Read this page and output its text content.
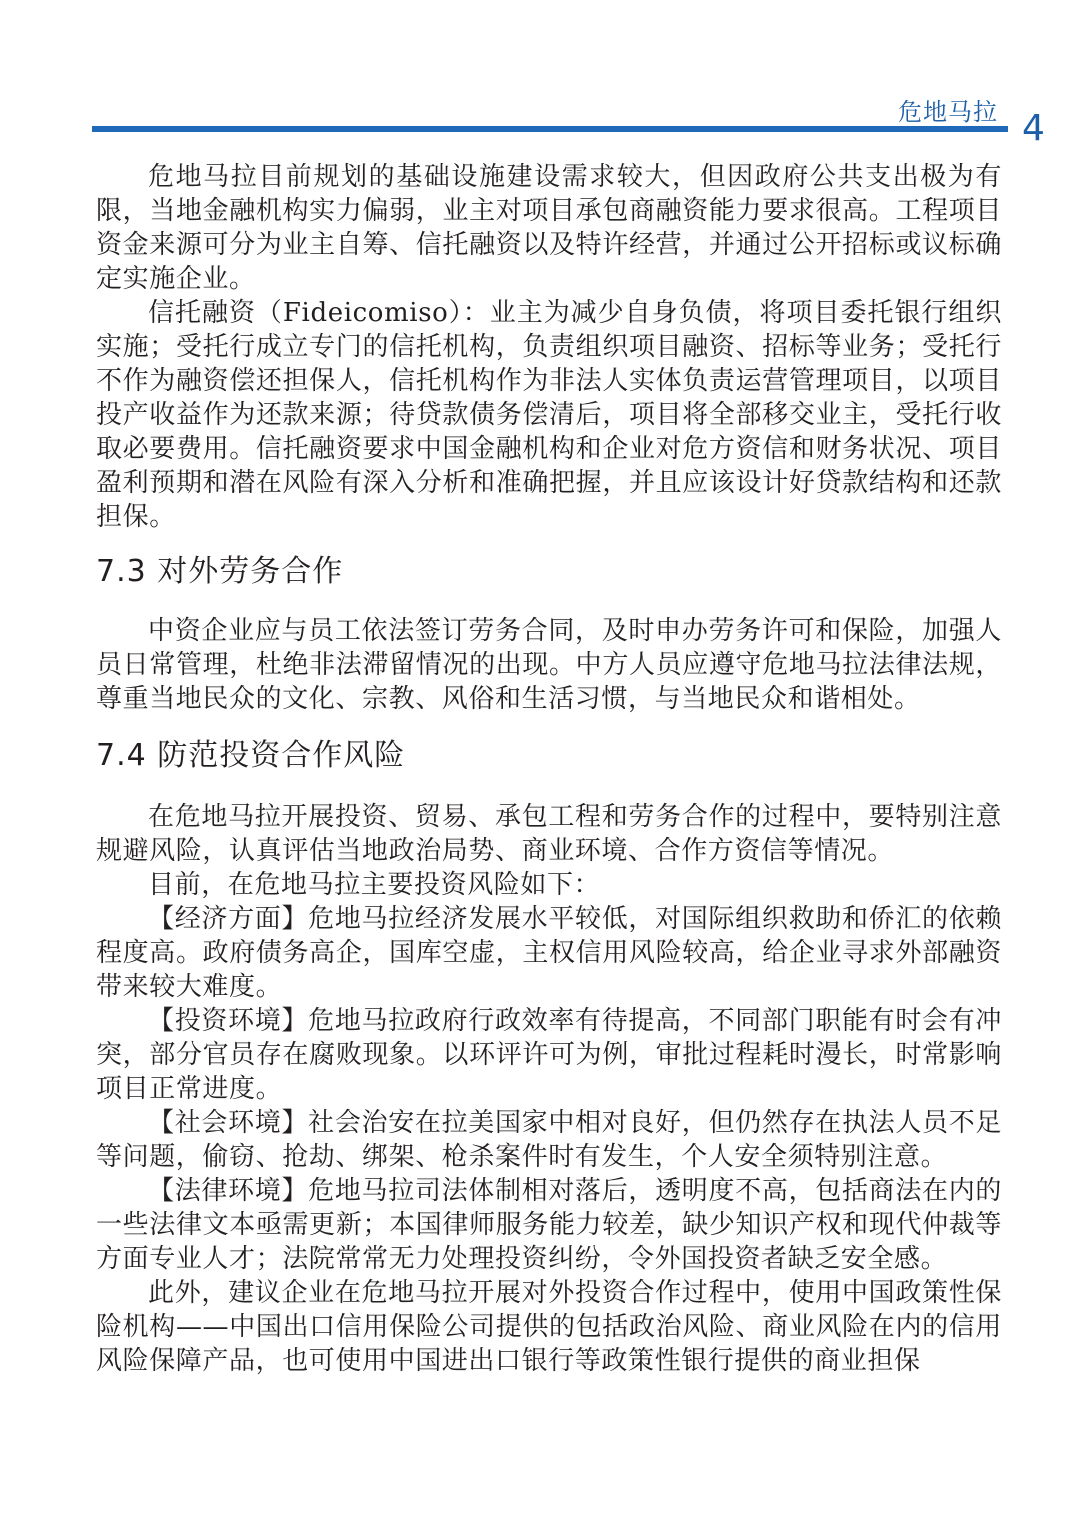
危地马拉 4

危地马拉目前规划的基础设施建设需求较大，但因政府公共支出极为有限，当地金融机构实力偏弱，业主对项目承包商融资能力要求很高。工程项目资金来源可分为业主自筹、信托融资以及特许经营，并通过公开招标或议标确定实施企业。

信托融资（Fideicomiso）：业主为减少自身负债，将项目委托银行组织实施；受托行成立专门的信托机构，负责组织项目融资、招标等业务；受托行不作为融资偿还担保人，信托机构作为非法人实体负责运营管理项目，以项目投产收益作为还款来源；待贷款债务偿清后，项目将全部移交业主，受托行收取必要费用。信托融资要求中国金融机构和企业对危方资信和财务状况、项目盈利预期和潜在风险有深入分析和准确把握，并且应该设计好贷款结构和还款担保。

7.3 对外劳务合作

中资企业应与员工依法签订劳务合同，及时申办劳务许可和保险，加强人员日常管理，杜绝非法滞留情况的出现。中方人员应遵守危地马拉法律法规，尊重当地民众的文化、宗教、风俗和生活习惯，与当地民众和谐相处。

7.4 防范投资合作风险

在危地马拉开展投资、贸易、承包工程和劳务合作的过程中，要特别注意规避风险，认真评估当地政治局势、商业环境、合作方资信等情况。

目前，在危地马拉主要投资风险如下：

【经济方面】危地马拉经济发展水平较低，对国际组织救助和侨汇的依赖程度高。政府债务高企，国库空虚，主权信用风险较高，给企业寻求外部融资带来较大难度。

【投资环境】危地马拉政府行政效率有待提高，不同部门职能有时会有冲突，部分官员存在腐败现象。以环评许可为例，审批过程耗时漫长，时常影响项目正常进度。

【社会环境】社会治安在拉美国家中相对良好，但仍然存在执法人员不足等问题，偷窃、抢劫、绑架、枪杀案件时有发生，个人安全须特别注意。

【法律环境】危地马拉司法体制相对落后，透明度不高，包括商法在内的一些法律文本亟需更新；本国律师服务能力较差，缺少知识产权和现代仲裁等方面专业人才；法院常常无力处理投资纠纷，令外国投资者缺乏安全感。

此外，建议企业在危地马拉开展对外投资合作过程中，使用中国政策性保险机构——中国出口信用保险公司提供的包括政治风险、商业风险在内的信用风险保障产品，也可使用中国进出口银行等政策性银行提供的商业担保
